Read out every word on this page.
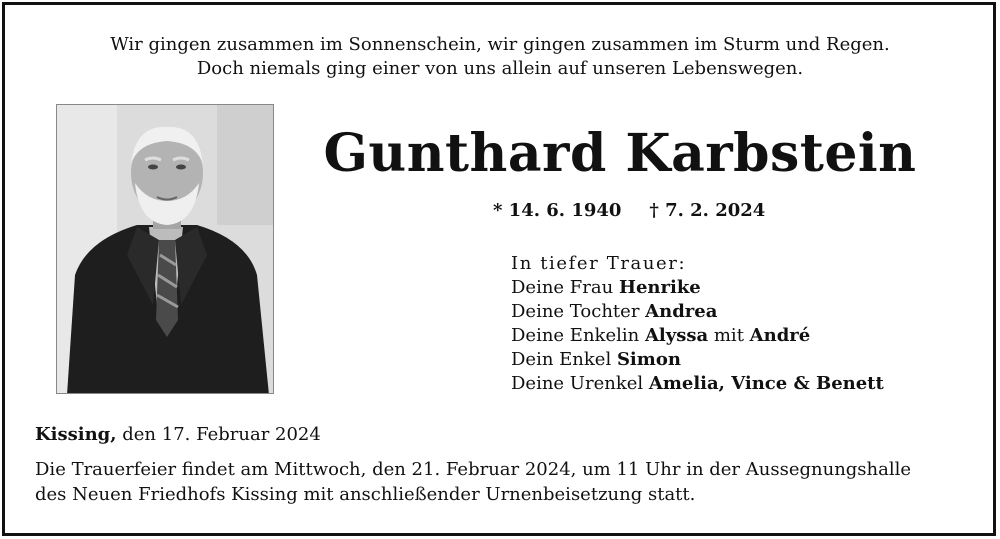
Wir gingen zusammen im Sonnenschein, wir gingen zusammen im Sturm und Regen.
Doch niemals ging einer von uns allein auf unseren Lebenswegen.
Gunthard Karbstein
* 14. 6. 1940 † 7. 2. 2024
In tiefer Trauer:
Deine Frau Henrike
Deine Tochter Andrea
Deine Enkelin Alyssa mit André
Dein Enkel Simon
Deine Urenkel Amelia, Vince & Benett
Kissing, den 17. Februar 2024
Die Trauerfeier findet am Mittwoch, den 21. Februar 2024, um 11 Uhr in der Aussegnungshalle
des Neuen Friedhofs Kissing mit anschließender Urnenbeisetzung statt.
